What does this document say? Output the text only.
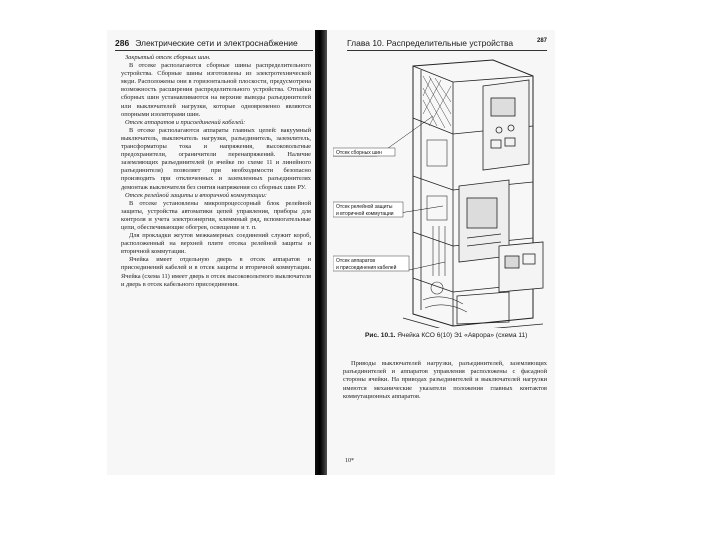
286 Электрические сети и электроснабжение

Закрытый отсек сборных шин.

В отсеке располагаются сборные шины распределительного устройства. Сборные шины изготовлены из электротехнической меди. Расположены они в горизонтальной плоскости, предусмотрена возможность расширения распределительного устройства. Отпайки сборных шин устанавливаются на верхние выводы разъединителей или выключателей нагрузки, которые одновременно являются опорными изоляторами шин.

Отсек аппаратов и присоединений кабелей:

В отсеке располагаются аппараты главных цепей: вакуумный выключатель, выключатель нагрузки, разъединитель, заземлитель, трансформаторы тока и напряжения, высоковольтные предохранители, ограничители перенапряжений. Наличие заземляющих разъединителей (в ячейке по схеме 11 и линейного разъединителя) позволяет при необходимости безопасно производить при отключенных и заземленных разъединителях демонтаж выключателя без снятия напряжения со сборных шин РУ.

Отсек релейной защиты и вторичной коммутации:

В отсеке установлены микропроцессорный блок релейной защиты, устройства автоматики цепей управления, приборы для контроля и учета электроэнергии, клеммный ряд, вспомогательные цепи, обеспечивающие обогрев, освещение и т. п.

Для прокладки жгутов межкамерных соединений служит короб, расположенный на верхней плите отсека релейной защиты и вторичной коммутации.

Ячейка имеет отдельную дверь в отсек аппаратов и присоединений кабелей и в отсек защиты и вторичной коммутации. Ячейка (схема 11) имеет дверь в отсек высоковольтного выключателя и дверь в отсек кабельного присоединения.

Глава 10. Распределительные устройства	287
Отсек сборных шин
Отсек релейной защиты
и вторичной коммутации
Отсек аппаратов
и присоединения кабелей
Рис. 10.1. Ячейка КСО 6(10) Э1 «Аврора» (схема 11)

Приводы выключателей нагрузки, разъединителей, заземляющих разъединителей и аппаратов управления расположены с фасадной стороны ячейки. На приводах разъединителей и выключателей нагрузки имеются механические указатели положения главных контактов коммутационных аппаратов.

10*
